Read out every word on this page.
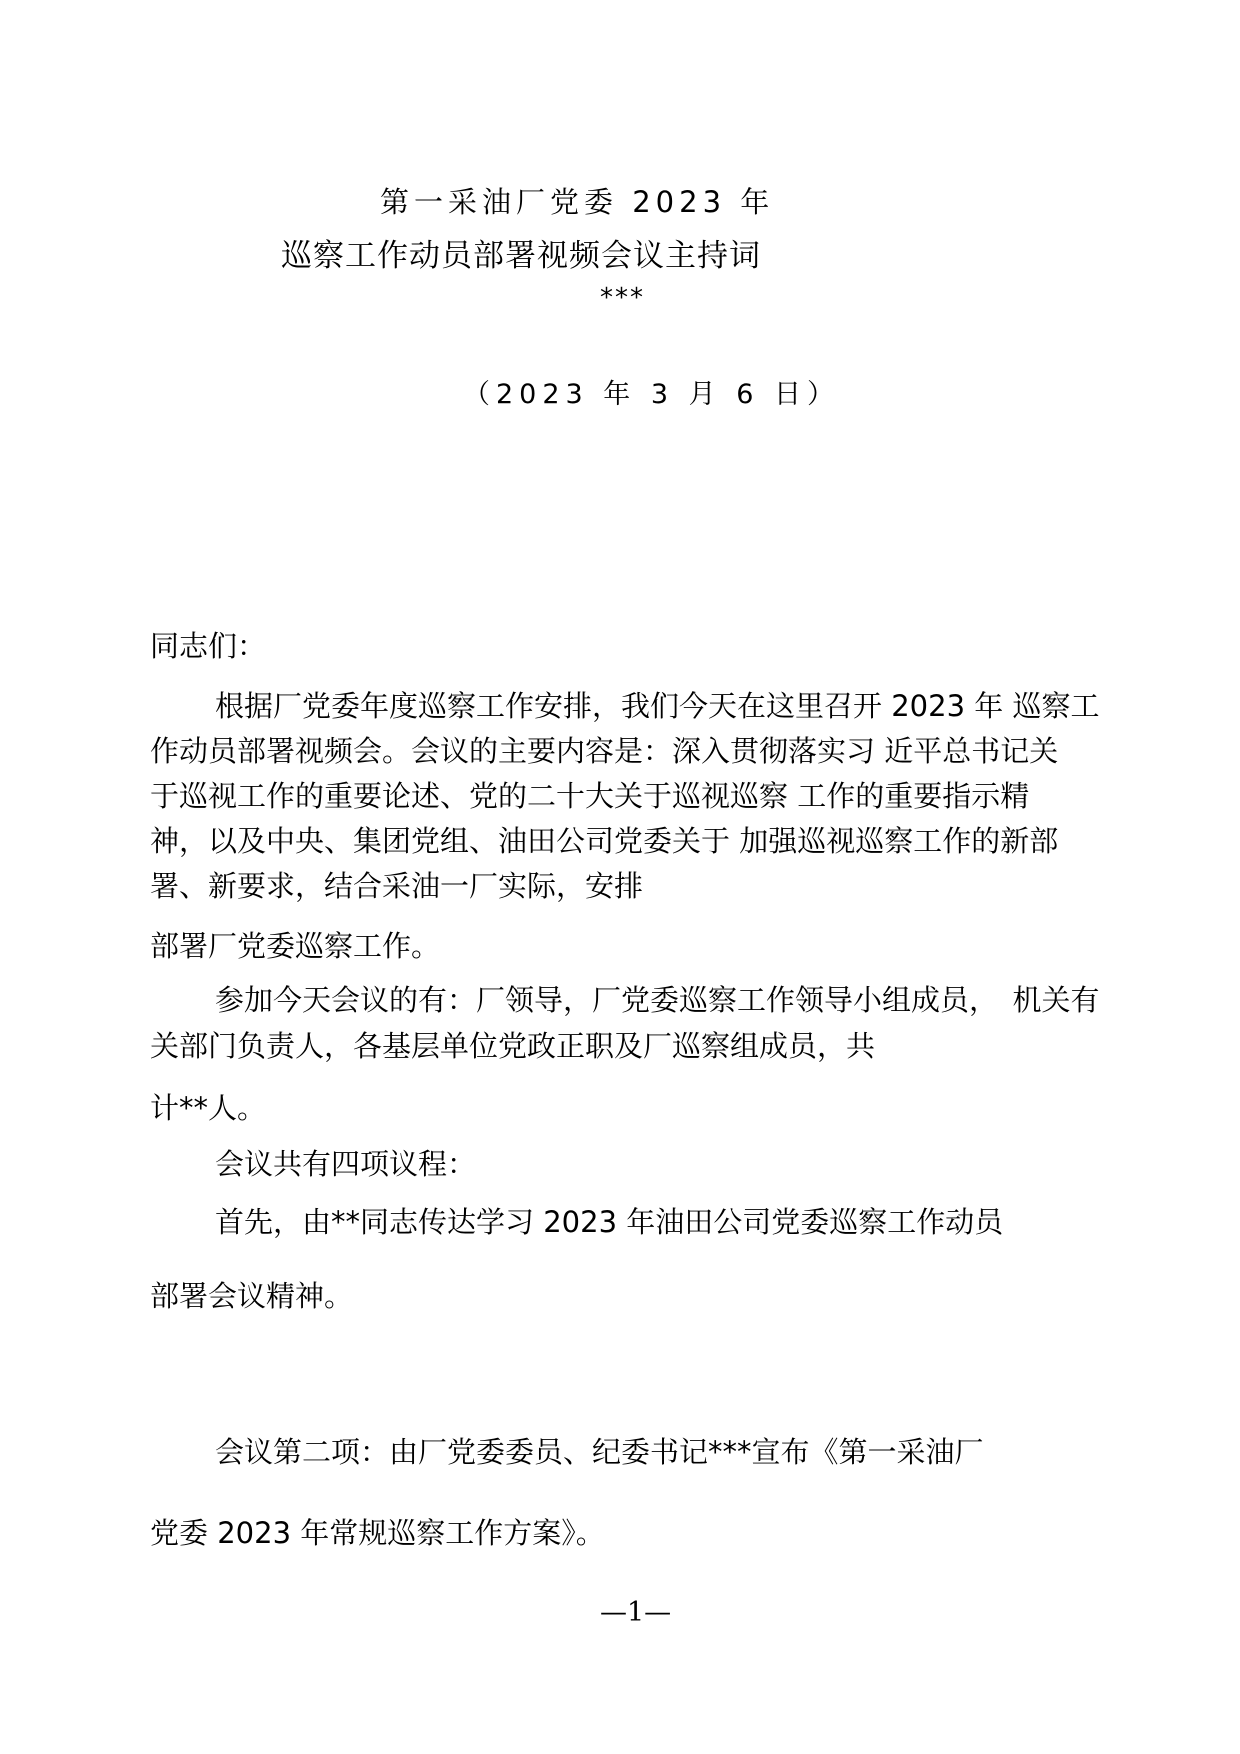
第一采油厂党委 2023 年
巡察工作动员部署视频会议主持词
***
（2023 年 3 月 6 日）
同志们：
根据厂党委年度巡察工作安排，我们今天在这里召开 2023 年 巡察工
作动员部署视频会。会议的主要内容是：深入贯彻落实习 近平总书记关
于巡视工作的重要论述、党的二十大关于巡视巡察 工作的重要指示精
神，以及中央、集团党组、油田公司党委关于 加强巡视巡察工作的新部
署、新要求，结合采油一厂实际，安排
部署厂党委巡察工作。
参加今天会议的有：厂领导，厂党委巡察工作领导小组成员，　机关有
关部门负责人，各基层单位党政正职及厂巡察组成员，共
计**人。
会议共有四项议程：
首先，由**同志传达学习 2023 年油田公司党委巡察工作动员
部署会议精神。
会议第二项：由厂党委委员、纪委书记***宣布《第一采油厂
党委 2023 年常规巡察工作方案》。
—1—
